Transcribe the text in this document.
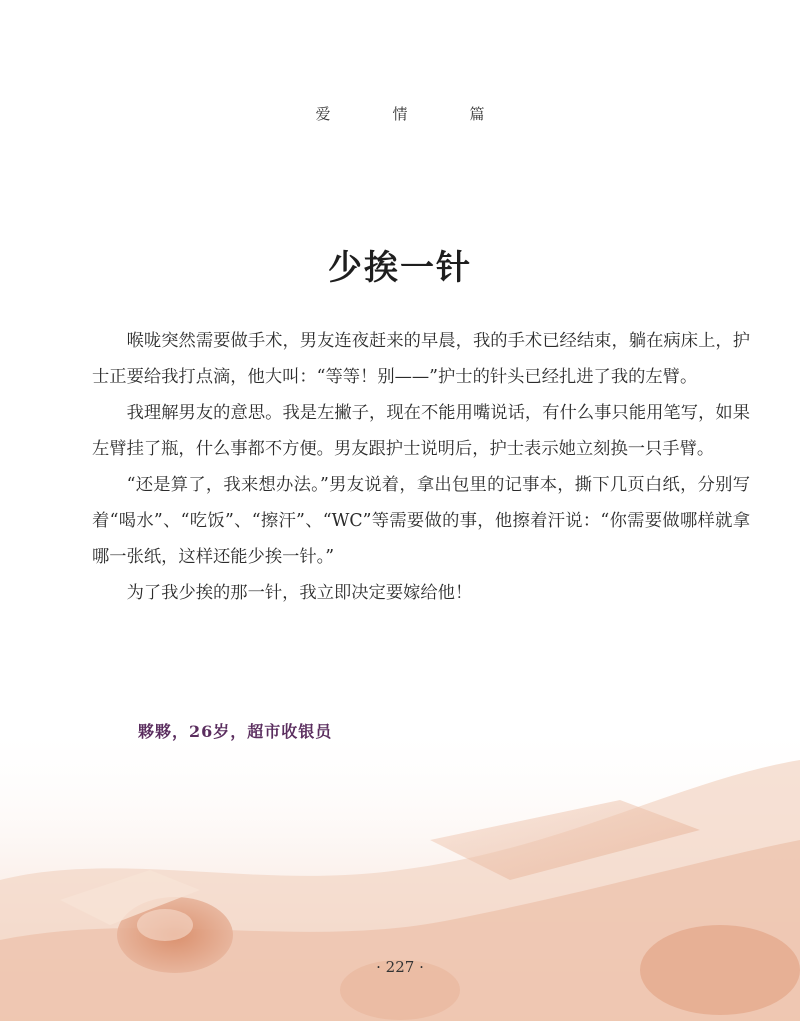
爱	情	篇
少挨一针

喉咙突然需要做手术，男友连夜赶来的早晨，我的手术已经结束，躺在病床上，护士正要给我打点滴，他大叫：“等等！别——”护士的针头已经扎进了我的左臂。

我理解男友的意思。我是左撇子，现在不能用嘴说话，有什么事只能用笔写，如果左臂挂了瓶，什么事都不方便。男友跟护士说明后，护士表示她立刻换一只手臂。

“还是算了，我来想办法。”男友说着，拿出包里的记事本，撕下几页白纸，分别写着“喝水”、“吃饭”、“擦汗”、“WC”等需要做的事，他擦着汗说：“你需要做哪样就拿哪一张纸，这样还能少挨一针。”

为了我少挨的那一针，我立即决定要嫁给他！

夥夥，26岁，超市收银员
· 227 ·
